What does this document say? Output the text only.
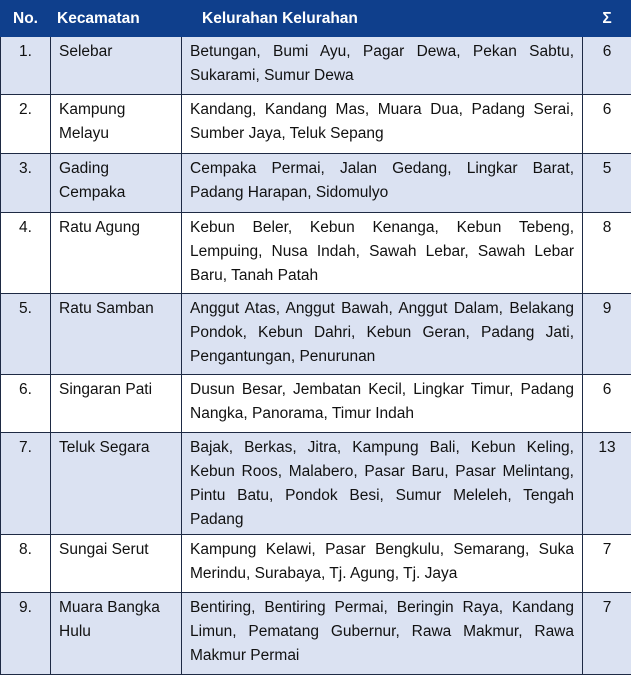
No.	Kecamatan	Kelurahan Kelurahan	Σ
1.	Selebar	Betungan, Bumi Ayu, Pagar Dewa, Pekan Sabtu, Sukarami, Sumur Dewa	6
2.	Kampung Melayu	Kandang, Kandang Mas, Muara Dua, Padang Serai, Sumber Jaya, Teluk Sepang	6
3.	Gading Cempaka	Cempaka Permai, Jalan Gedang, Lingkar Barat, Padang Harapan, Sidomulyo	5
4.	Ratu Agung	Kebun Beler, Kebun Kenanga, Kebun Tebeng, Lempuing, Nusa Indah, Sawah Lebar, Sawah Lebar Baru, Tanah Patah	8
5.	Ratu Samban	Anggut Atas, Anggut Bawah, Anggut Dalam, Belakang Pondok, Kebun Dahri, Kebun Geran, Padang Jati, Pengantungan, Penurunan	9
6.	Singaran Pati	Dusun Besar, Jembatan Kecil, Lingkar Timur, Padang Nangka, Panorama, Timur Indah	6
7.	Teluk Segara	Bajak, Berkas, Jitra, Kampung Bali, Kebun Keling, Kebun Roos, Malabero, Pasar Baru, Pasar Melintang, Pintu Batu, Pondok Besi, Sumur Meleleh, Tengah Padang	13
8.	Sungai Serut	Kampung Kelawi, Pasar Bengkulu, Semarang, Suka Merindu, Surabaya, Tj. Agung, Tj. Jaya	7
9.	Muara Bangka Hulu	Bentiring, Bentiring Permai, Beringin Raya, Kandang Limun, Pematang Gubernur, Rawa Makmur, Rawa Makmur Permai	7
